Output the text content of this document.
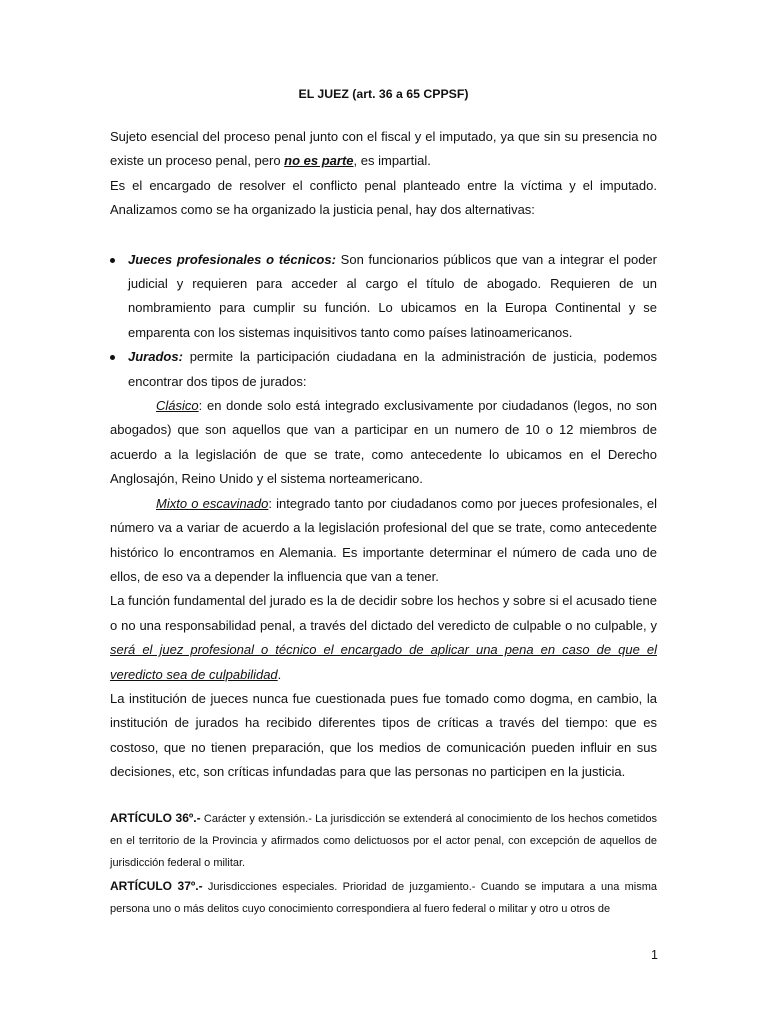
EL JUEZ (art. 36 a 65 CPPSF)

Sujeto esencial del proceso penal junto con el fiscal y el imputado, ya que sin su presencia no existe un proceso penal, pero no es parte, es impartial.

Es el encargado de resolver el conflicto penal planteado entre la víctima y el imputado. Analizamos como se ha organizado la justicia penal, hay dos alternativas:

Jueces profesionales o técnicos: Son funcionarios públicos que van a integrar el poder judicial y requieren para acceder al cargo el título de abogado. Requieren de un nombramiento para cumplir su función. Lo ubicamos en la Europa Continental y se emparenta con los sistemas inquisitivos tanto como países latinoamericanos.

Jurados: permite la participación ciudadana en la administración de justicia, podemos encontrar dos tipos de jurados:

Clásico: en donde solo está integrado exclusivamente por ciudadanos (legos, no son abogados) que son aquellos que van a participar en un numero de 10 o 12 miembros de acuerdo a la legislación de que se trate, como antecedente lo ubicamos en el Derecho Anglosajón, Reino Unido y el sistema norteamericano.

Mixto o escavinado: integrado tanto por ciudadanos como por jueces profesionales, el número va a variar de acuerdo a la legislación profesional del que se trate, como antecedente histórico lo encontramos en Alemania. Es importante determinar el número de cada uno de ellos, de eso va a depender la influencia que van a tener.

La función fundamental del jurado es la de decidir sobre los hechos y sobre si el acusado tiene o no una responsabilidad penal, a través del dictado del veredicto de culpable o no culpable, y será el juez profesional o técnico el encargado de aplicar una pena en caso de que el veredicto sea de culpabilidad.

La institución de jueces nunca fue cuestionada pues fue tomado como dogma, en cambio, la institución de jurados ha recibido diferentes tipos de críticas a través del tiempo: que es costoso, que no tienen preparación, que los medios de comunicación pueden influir en sus decisiones, etc, son críticas infundadas para que las personas no participen en la justicia.

ARTÍCULO 36º.- Carácter y extensión.- La jurisdicción se extenderá al conocimiento de los hechos cometidos en el territorio de la Provincia y afirmados como delictuosos por el actor penal, con excepción de aquellos de jurisdicción federal o militar.

ARTÍCULO 37º.- Jurisdicciones especiales. Prioridad de juzgamiento.- Cuando se imputara a una misma persona uno o más delitos cuyo conocimiento correspondiera al fuero federal o militar y otro u otros de

1
